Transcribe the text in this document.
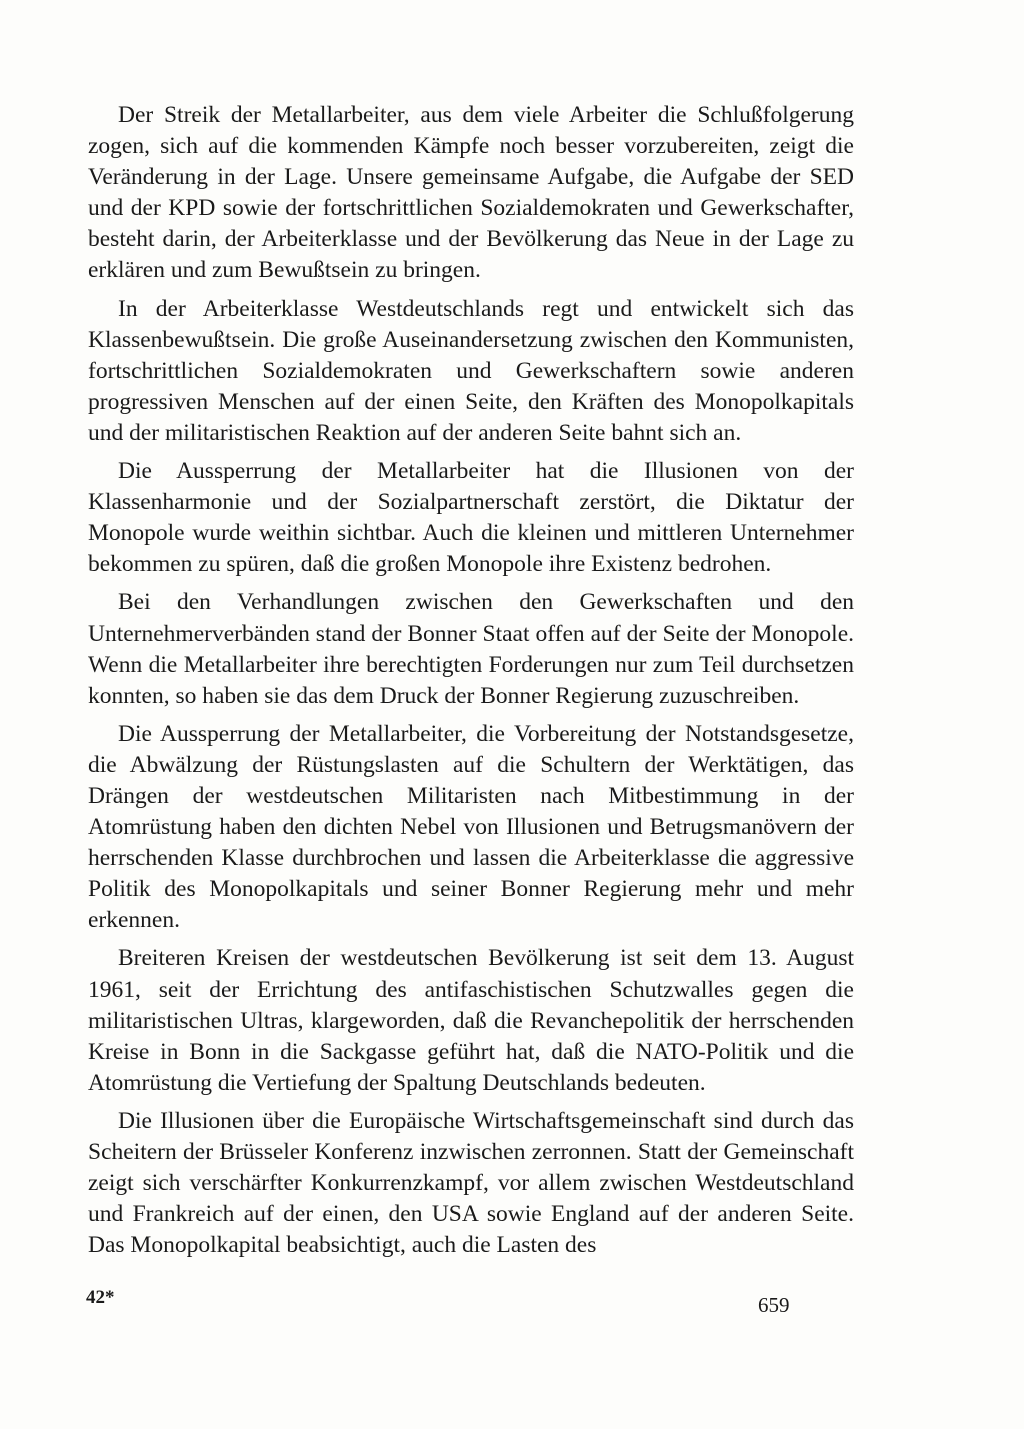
Der Streik der Metallarbeiter, aus dem viele Arbeiter die Schlußfolgerung zogen, sich auf die kommenden Kämpfe noch besser vorzubereiten, zeigt die Veränderung in der Lage. Unsere gemeinsame Aufgabe, die Aufgabe der SED und der KPD sowie der fortschrittlichen Sozialdemokraten und Gewerkschafter, besteht darin, der Arbeiterklasse und der Bevölkerung das Neue in der Lage zu erklären und zum Bewußtsein zu bringen.

In der Arbeiterklasse Westdeutschlands regt und entwickelt sich das Klassenbewußtsein. Die große Auseinandersetzung zwischen den Kommunisten, fortschrittlichen Sozialdemokraten und Gewerkschaftern sowie anderen progressiven Menschen auf der einen Seite, den Kräften des Monopolkapitals und der militaristischen Reaktion auf der anderen Seite bahnt sich an.

Die Aussperrung der Metallarbeiter hat die Illusionen von der Klassenharmonie und der Sozialpartnerschaft zerstört, die Diktatur der Monopole wurde weithin sichtbar. Auch die kleinen und mittleren Unternehmer bekommen zu spüren, daß die großen Monopole ihre Existenz bedrohen.

Bei den Verhandlungen zwischen den Gewerkschaften und den Unternehmerverbänden stand der Bonner Staat offen auf der Seite der Monopole. Wenn die Metallarbeiter ihre berechtigten Forderungen nur zum Teil durchsetzen konnten, so haben sie das dem Druck der Bonner Regierung zuzuschreiben.

Die Aussperrung der Metallarbeiter, die Vorbereitung der Notstandsgesetze, die Abwälzung der Rüstungslasten auf die Schultern der Werktätigen, das Drängen der westdeutschen Militaristen nach Mitbestimmung in der Atomrüstung haben den dichten Nebel von Illusionen und Betrugsmanövern der herrschenden Klasse durchbrochen und lassen die Arbeiterklasse die aggressive Politik des Monopolkapitals und seiner Bonner Regierung mehr und mehr erkennen.

Breiteren Kreisen der westdeutschen Bevölkerung ist seit dem 13. August 1961, seit der Errichtung des antifaschistischen Schutzwalles gegen die militaristischen Ultras, klargeworden, daß die Revanchepolitik der herrschenden Kreise in Bonn in die Sackgasse geführt hat, daß die NATO-Politik und die Atomrüstung die Vertiefung der Spaltung Deutschlands bedeuten.

Die Illusionen über die Europäische Wirtschaftsgemeinschaft sind durch das Scheitern der Brüsseler Konferenz inzwischen zerronnen. Statt der Gemeinschaft zeigt sich verschärfter Konkurrenzkampf, vor allem zwischen Westdeutschland und Frankreich auf der einen, den USA sowie England auf der anderen Seite. Das Monopolkapital beabsichtigt, auch die Lasten des

42*	659
